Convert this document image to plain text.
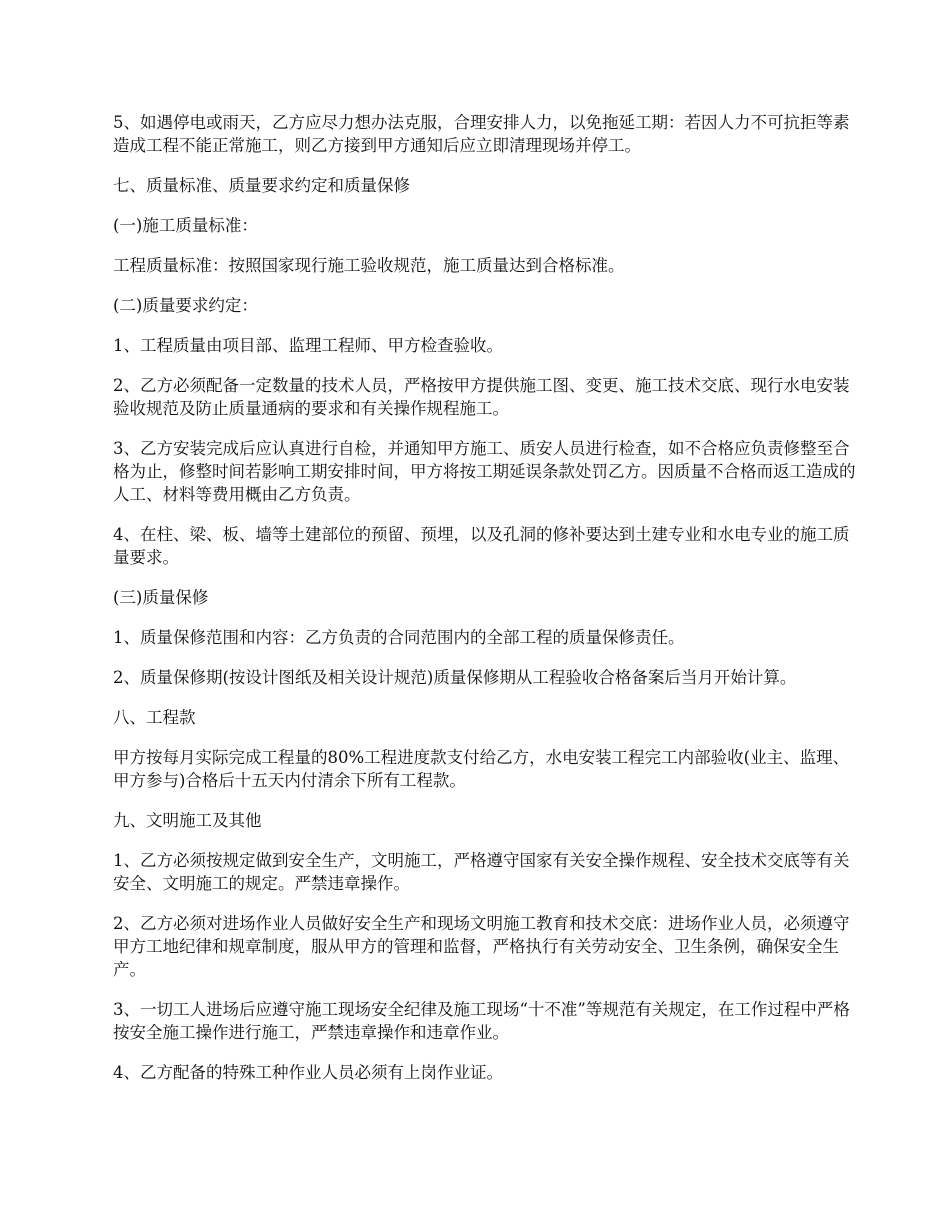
5、如遇停电或雨天，乙方应尽力想办法克服，合理安排人力，以免拖延工期：若因人力不可抗拒等素造成工程不能正常施工，则乙方接到甲方通知后应立即清理现场并停工。

七、质量标准、质量要求约定和质量保修

(一)施工质量标准：

工程质量标准：按照国家现行施工验收规范，施工质量达到合格标准。

(二)质量要求约定：

1、工程质量由项目部、监理工程师、甲方检查验收。

2、乙方必须配备一定数量的技术人员，严格按甲方提供施工图、变更、施工技术交底、现行水电安装验收规范及防止质量通病的要求和有关操作规程施工。

3、乙方安装完成后应认真进行自检，并通知甲方施工、质安人员进行检查，如不合格应负责修整至合格为止，修整时间若影响工期安排时间，甲方将按工期延误条款处罚乙方。因质量不合格而返工造成的人工、材料等费用概由乙方负责。

4、在柱、梁、板、墙等土建部位的预留、预埋，以及孔洞的修补要达到土建专业和水电专业的施工质量要求。

(三)质量保修

1、质量保修范围和内容：乙方负责的合同范围内的全部工程的质量保修责任。

2、质量保修期(按设计图纸及相关设计规范)质量保修期从工程验收合格备案后当月开始计算。

八、工程款

甲方按每月实际完成工程量的80%工程进度款支付给乙方，水电安装工程完工内部验收(业主、监理、甲方参与)合格后十五天内付清余下所有工程款。

九、文明施工及其他

1、乙方必须按规定做到安全生产，文明施工，严格遵守国家有关安全操作规程、安全技术交底等有关安全、文明施工的规定。严禁违章操作。

2、乙方必须对进场作业人员做好安全生产和现场文明施工教育和技术交底：进场作业人员，必须遵守甲方工地纪律和规章制度，服从甲方的管理和监督，严格执行有关劳动安全、卫生条例，确保安全生产。

3、一切工人进场后应遵守施工现场安全纪律及施工现场“十不准”等规范有关规定，在工作过程中严格按安全施工操作进行施工，严禁违章操作和违章作业。

4、乙方配备的特殊工种作业人员必须有上岗作业证。
